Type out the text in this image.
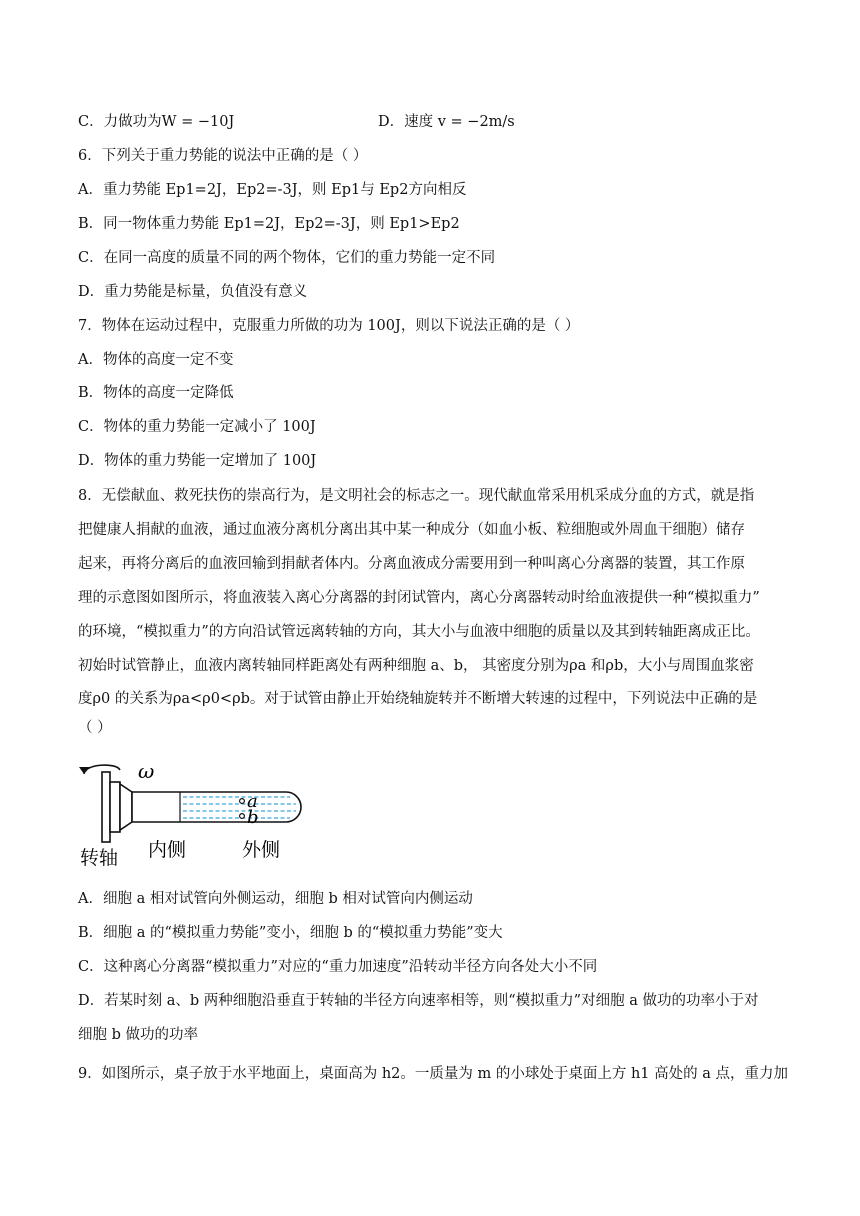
C．力做功为W = −10J	D．速度 v = −2m/s
6．下列关于重力势能的说法中正确的是（ ）
A．重力势能 Ep1=2J，Ep2=-3J，则 Ep1与 Ep2方向相反
B．同一物体重力势能 Ep1=2J，Ep2=-3J，则 Ep1>Ep2
C．在同一高度的质量不同的两个物体，它们的重力势能一定不同
D．重力势能是标量，负值没有意义
7．物体在运动过程中，克服重力所做的功为 100J，则以下说法正确的是（ ）
A．物体的高度一定不变
B．物体的高度一定降低
C．物体的重力势能一定减小了 100J
D．物体的重力势能一定增加了 100J
8．无偿献血、救死扶伤的崇高行为，是文明社会的标志之一。现代献血常采用机采成分血的方式，就是指
把健康人捐献的血液，通过血液分离机分离出其中某一种成分（如血小板、粒细胞或外周血干细胞）储存
起来，再将分离后的血液回输到捐献者体内。分离血液成分需要用到一种叫离心分离器的装置，其工作原
理的示意图如图所示，将血液装入离心分离器的封闭试管内，离心分离器转动时给血液提供一种“模拟重力”
的环境，“模拟重力”的方向沿试管远离转轴的方向，其大小与血液中细胞的质量以及其到转轴距离成正比。
初始时试管静止，血液内离转轴同样距离处有两种细胞 a、b， 其密度分别为ρa 和ρb，大小与周围血浆密
度ρ0 的关系为ρa<ρ0<ρb。对于试管由静止开始绕轴旋转并不断增大转速的过程中，下列说法中正确的是
（ ）
ω
a
b
转轴 内侧	外侧
A．细胞 a 相对试管向外侧运动，细胞 b 相对试管向内侧运动
B．细胞 a 的“模拟重力势能”变小，细胞 b 的“模拟重力势能”变大
C．这种离心分离器“模拟重力”对应的“重力加速度”沿转动半径方向各处大小不同
D．若某时刻 a、b 两种细胞沿垂直于转轴的半径方向速率相等，则“模拟重力”对细胞 a 做功的功率小于对
细胞 b 做功的功率
9．如图所示，桌子放于水平地面上，桌面高为 h2。一质量为 m 的小球处于桌面上方 h1 高处的 a 点，重力加
